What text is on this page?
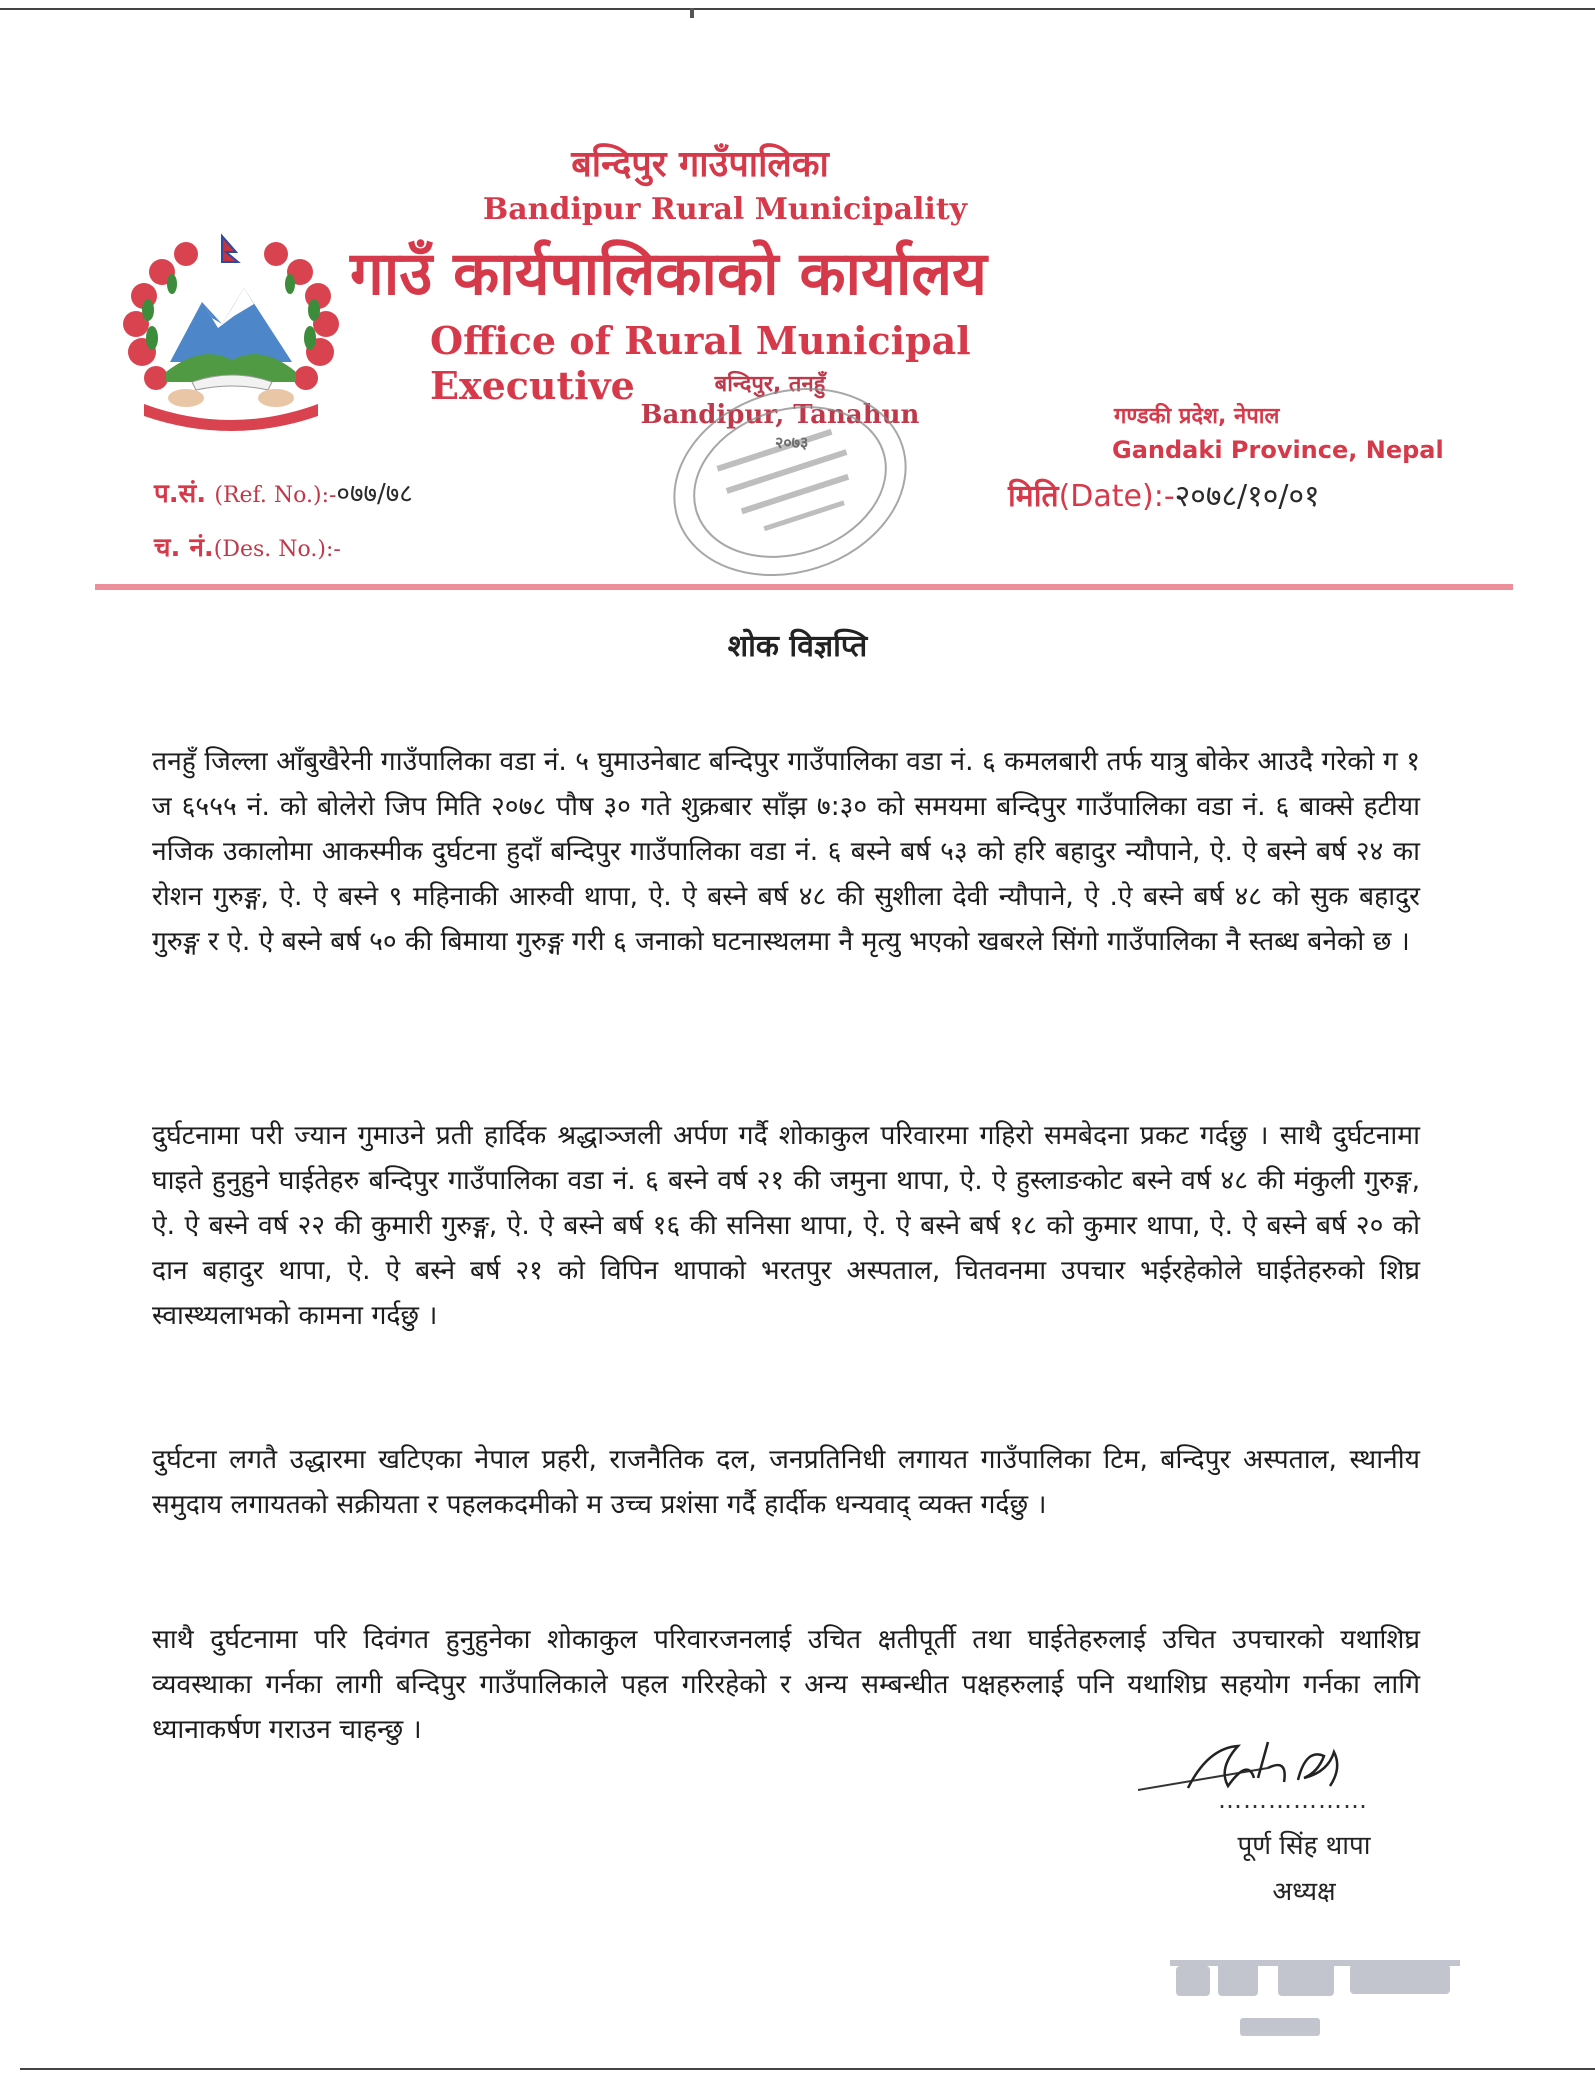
बन्दिपुर गाउँपालिका
Bandipur Rural Municipality
गाउँ कार्यपालिकाको कार्यालय
Office of Rural Municipal Executive	बन्दिपुर, तनहुँ
Bandipur, Tanahun	गण्डकी प्रदेश, नेपाल
Gandaki Province, Nepal
२०७३
प.सं. (Ref. No.):-०७७/७८
च. नं.(Des. No.):-
मिति(Date):-२०७८/१०/०१
शोक विज्ञप्ति

तनहुँ जिल्ला आँबुखैरेनी गाउँपालिका वडा नं. ५ घुमाउनेबाट बन्दिपुर गाउँपालिका वडा नं. ६ कमलबारी तर्फ यात्रु बोकेर आउदै गरेको ग १ ज ६५५५ नं. को बोलेरो जिप मिति २०७८ पौष ३० गते शुक्रबार साँझ ७:३० को समयमा बन्दिपुर गाउँपालिका वडा नं. ६ बाक्से हटीया नजिक उकालोमा आकस्मीक दुर्घटना हुदाँ बन्दिपुर गाउँपालिका वडा नं. ६ बस्ने बर्ष ५३ को हरि बहादुर न्यौपाने, ऐ. ऐ बस्ने बर्ष २४ का रोशन गुरुङ्ग, ऐ. ऐ बस्ने ९ महिनाकी आरुवी थापा, ऐ. ऐ बस्ने बर्ष ४८ की सुशीला देवी न्यौपाने, ऐ .ऐ बस्ने बर्ष ४८ को सुक बहादुर गुरुङ्ग र ऐ. ऐ बस्ने बर्ष ५० की बिमाया गुरुङ्ग गरी ६ जनाको घटनास्थलमा नै मृत्यु भएको खबरले सिंगो गाउँपालिका नै स्तब्ध बनेको छ ।

दुर्घटनामा परी ज्यान गुमाउने प्रती हार्दिक श्रद्धाञ्जली अर्पण गर्दै शोकाकुल परिवारमा गहिरो समबेदना प्रकट गर्दछु । साथै दुर्घटनामा घाइते हुनुहुने घाईतेहरु बन्दिपुर गाउँपालिका वडा नं. ६ बस्ने वर्ष २१ की जमुना थापा, ऐ. ऐ हुस्लाङकोट बस्ने वर्ष ४८ की मंकुली गुरुङ्ग, ऐ. ऐ बस्ने वर्ष २२ की कुमारी गुरुङ्ग, ऐ. ऐ बस्ने बर्ष १६ की सनिसा थापा, ऐ. ऐ बस्ने बर्ष १८ को कुमार थापा, ऐ. ऐ बस्ने बर्ष २० को दान बहादुर थापा, ऐ. ऐ बस्ने बर्ष २१ को विपिन थापाको भरतपुर अस्पताल, चितवनमा उपचार भईरहेकोले घाईतेहरुको शिघ्र स्वास्थ्यलाभको कामना गर्दछु ।

दुर्घटना लगतै उद्धारमा खटिएका नेपाल प्रहरी, राजनैतिक दल, जनप्रतिनिधी लगायत गाउँपालिका टिम, बन्दिपुर अस्पताल, स्थानीय समुदाय लगायतको सक्रीयता र पहलकदमीको म उच्च प्रशंसा गर्दै हार्दीक धन्यवाद् व्यक्त गर्दछु ।

साथै दुर्घटनामा परि दिवंगत हुनुहुनेका शोकाकुल परिवारजनलाई उचित क्षतीपूर्ती तथा घाईतेहरुलाई उचित उपचारको यथाशिघ्र व्यवस्थाका गर्नका लागी बन्दिपुर गाउँपालिकाले पहल गरिरहेको र अन्य सम्बन्धीत पक्षहरुलाई पनि यथाशिघ्र सहयोग गर्नका लागि ध्यानाकर्षण गराउन चाहन्छु ।

………………
पूर्ण सिंह थापा
अध्यक्ष
